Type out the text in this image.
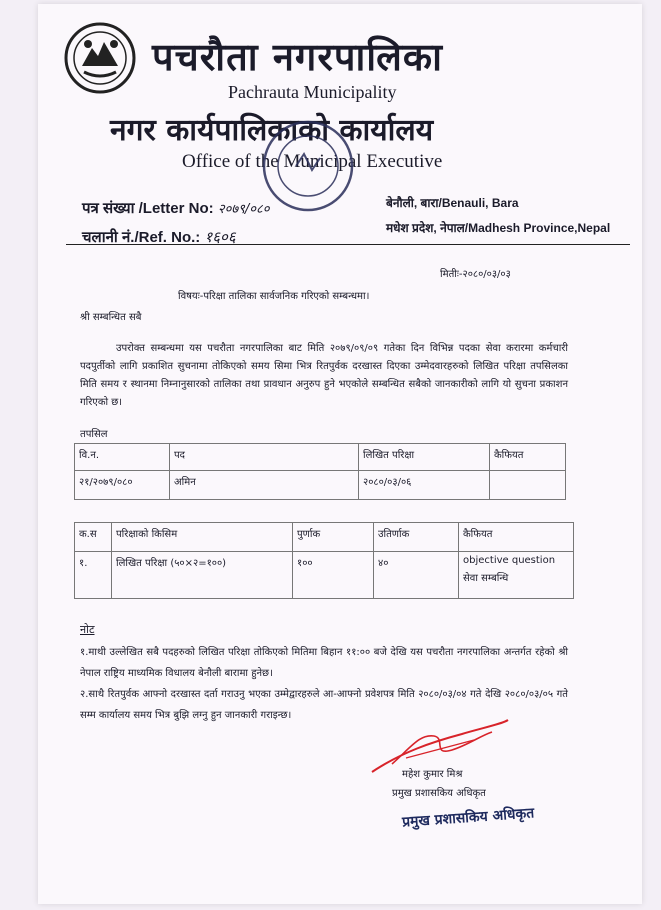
पचरौता नगरपालिका
Pachrauta Municipality
नगर कार्यपालिकाको कार्यालय
Office of the Municipal Executive
पत्र संख्या /Letter No: २०७९/०८०
चलानी नं./Ref. No.: १६०६
बेनौली, बारा/Benauli, Bara
मधेश प्रदेश, नेपाल/Madhesh Province,Nepal
मितीः-२०८०/०३/०३
विषयः-परिक्षा तालिका सार्वजनिक गरिएको सम्बन्धमा।
श्री सम्बन्धित सबै
उपरोक्त सम्बन्धमा यस पचरौता नगरपालिका बाट मिति २०७९/०९/०९ गतेका दिन विभिन्न पदका सेवा करारमा कर्मचारी पदपुर्तीको लागि प्रकाशित सुचनामा तोकिएको समय सिमा भित्र रितपुर्वक दरखास्त दिएका उम्मेदवारहरुको लिखित परिक्षा तपसिलका मिति समय र स्थानमा निम्नानुसारको तालिका तथा प्रावधान अनुरुप हुने भएकोले सम्बन्धित सबैको जानकारीको लागि यो सुचना प्रकाशन गरिएको छ।
तपसिल
वि.न.	पद	लिखित परिक्षा	कैफियत
२१/२०७९/०८०	अमिन	२०८०/०३/०६	
क.स	परिक्षाको किसिम	पुर्णाक	उतिर्णाक	कैफियत
१.	लिखित परिक्षा (५०×२=१००)	१००	४०	objective question
सेवा सम्बन्धि
नोट
१.माथी उल्लेखित सबै पदहरुको लिखित परिक्षा तोकिएको मितिमा बिहान ११:०० बजे देखि यस पचरौता नगरपालिका अन्तर्गत रहेको श्री नेपाल राष्ट्रिय माध्यमिक विधालय बेनौली बारामा हुनेछ।
२.साथै रितपुर्वक आफ्नो दरखास्त दर्ता गराउनु भएका उम्मेद्वारहरुले आ-आफ्नो प्रवेशपत्र मिति २०८०/०३/०४ गते देखि २०८०/०३/०५ गते सम्म कार्यालय समय भित्र बुझि लग्नु हुन जानकारी गराइन्छ।
महेश कुमार मिश्र
प्रमुख प्रशासकिय अधिकृत
प्रमुख प्रशासकिय अधिकृत
